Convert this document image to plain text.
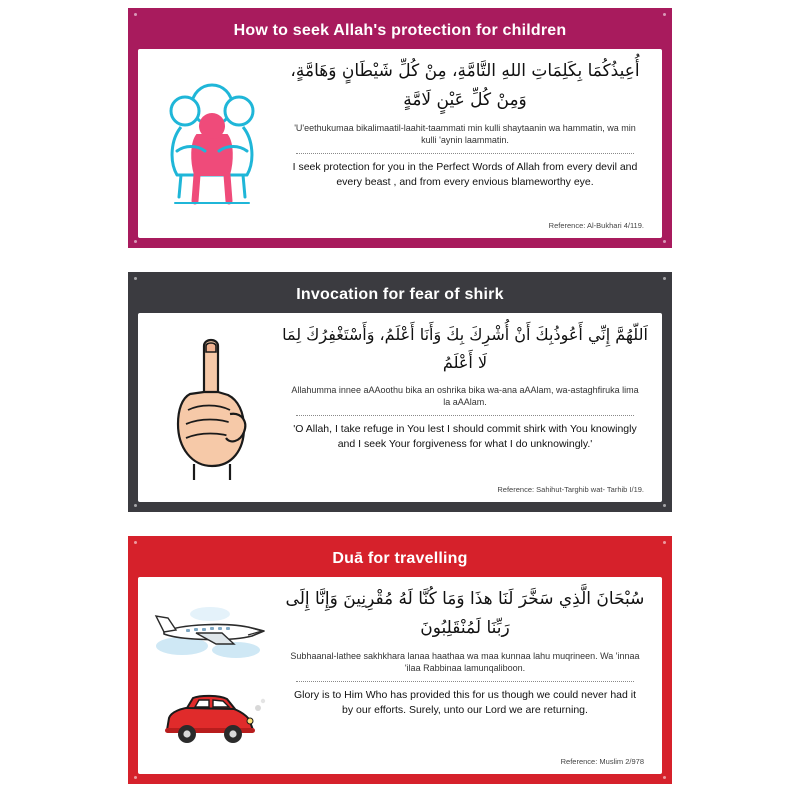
How to seek Allah's protection for children
أُعِيذُكُمَا بِكَلِمَاتِ اللهِ التَّامَّةِ، مِنْ كُلِّ شَيْطَانٍ وَهَامَّةٍ، وَمِنْ كُلِّ عَيْنٍ لَامَّةٍ
'U'eethukumaa bikalimaatil-laahit-taammati min kulli shaytaanin wa hammatin, wa min kulli 'aynin laammatin.
I seek protection for you in the Perfect Words of Allah from every devil and every beast , and from every envious blameworthy eye.
Reference: Al-Bukhari 4/119.
Invocation for fear of shirk
اَللّهُمَّ إِنِّي أَعُوذُبِكَ أَنْ أُشْرِكَ بِكَ وَأَنَا أَعْلَمُ، وَأَسْتَغْفِرُكَ لِمَا لَا أَعْلَمُ
Allahumma innee aAAoothu bika an oshrika bika wa-ana aAAlam, wa-astaghfiruka lima la aAAlam.
'O Allah, I take refuge in You lest I should commit shirk with You knowingly and I seek Your forgiveness for what I do unknowingly.'
Reference: Sahihut-Targhib wat- Tarhib I/19.
Duā for travelling
سُبْحَانَ الَّذِي سَخَّرَ لَنَا هذَا وَمَا كُنَّا لَهُ مُقْرِنِينَ وَإِنَّا إِلَى رَبِّنَا لَمُنْقَلِبُونَ
Subhaanal-lathee sakhkhara lanaa haathaa wa maa kunnaa lahu muqrineen. Wa 'innaa 'ilaa Rabbinaa lamunqaliboon.
Glory is to Him Who has provided this for us though we could never had it by our efforts. Surely, unto our Lord we are returning.
Reference: Muslim 2/978
